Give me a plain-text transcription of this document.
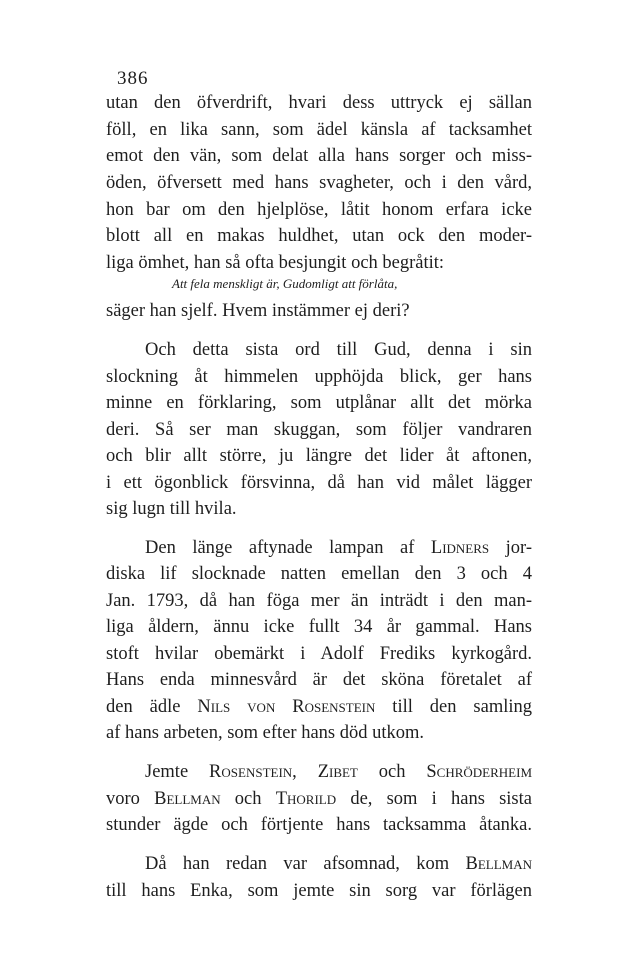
386
utan den öfverdrift, hvari dess uttryck ej sällan
föll, en lika sann, som ädel känsla af tacksamhet
emot den vän, som delat alla hans sorger och miss-
öden, öfversett med hans svagheter, och i den vård,
hon bar om den hjelplöse, låtit honom erfara icke
blott all en makas huldhet, utan ock den moder-
liga ömhet, han så ofta besjungit och begråtit:
Att fela menskligt är, Gudomligt att förlåta,
säger han sjelf. Hvem instämmer ej deri?
Och detta sista ord till Gud, denna i sin
slockning åt himmelen upphöjda blick, ger hans
minne en förklaring, som utplånar allt det mörka
deri. Så ser man skuggan, som följer vandraren
och blir allt större, ju längre det lider åt aftonen,
i ett ögonblick försvinna, då han vid målet lägger
sig lugn till hvila.
Den länge aftynade lampan af Lidners jor-
diska lif slocknade natten emellan den 3 och 4
Jan. 1793, då han föga mer än inträdt i den man-
liga åldern, ännu icke fullt 34 år gammal. Hans
stoft hvilar obemärkt i Adolf Frediks kyrkogård.
Hans enda minnesvård är det sköna företalet af
den ädle Nils von Rosenstein till den samling
af hans arbeten, som efter hans död utkom.
Jemte Rosenstein, Zibet och Schröderheim
voro Bellman och Thorild de, som i hans sista
stunder ägde och förtjente hans tacksamma åtanka.
Då han redan var afsomnad, kom Bellman
till hans Enka, som jemte sin sorg var förlägen
